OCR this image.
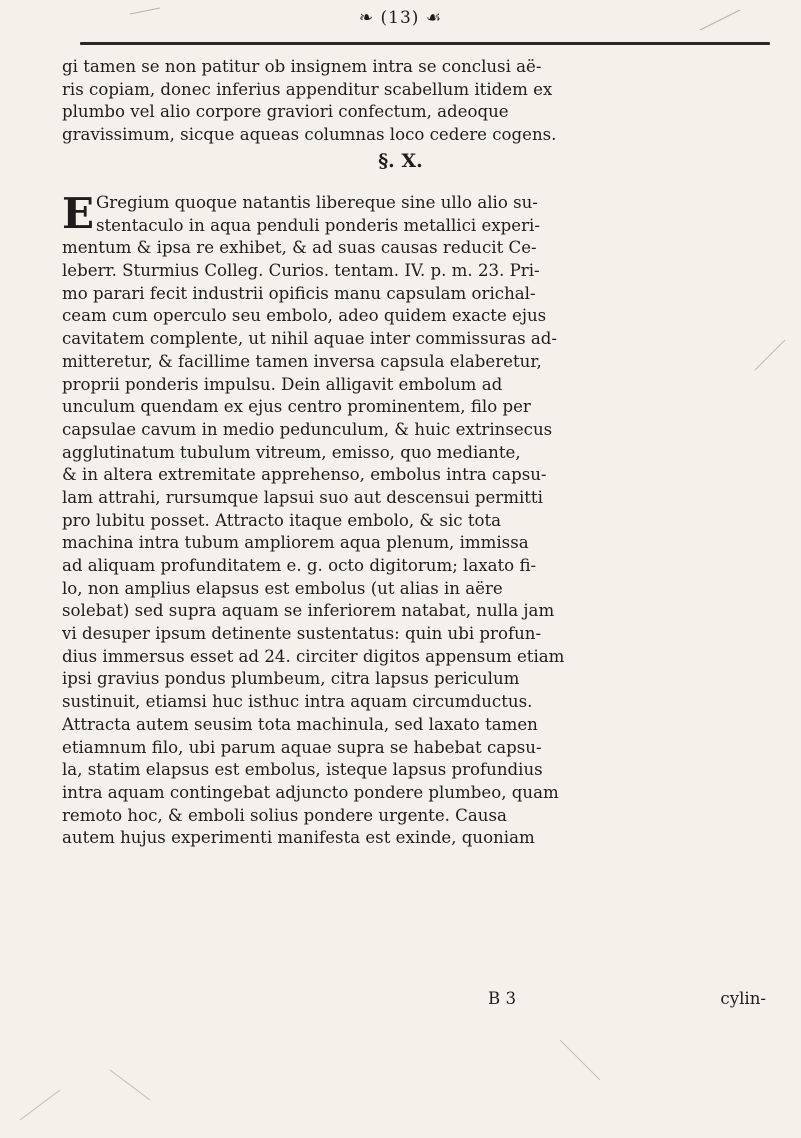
❧ (13) ☙
gi tamen se non patitur ob insignem intra se conclusi aë-
ris copiam, donec inferius appenditur scabellum itidem ex
plumbo vel alio corpore graviori confectum, adeoque
gravissimum, sicque aqueas columnas loco cedere cogens.
§. X.
E Gregium quoque natantis libereque sine ullo alio su-
stentaculo in aqua penduli ponderis metallici experi-
mentum & ipsa re exhibet, & ad suas causas reducit Ce-
leberr. Sturmius Colleg. Curios. tentam. IV. p. m. 23. Pri-
mo parari fecit industrii opificis manu capsulam orichal-
ceam cum operculo seu embolo, adeo quidem exacte ejus
cavitatem complente, ut nihil aquae inter commissuras ad-
mitteretur, & facillime tamen inversa capsula elaberetur,
proprii ponderis impulsu. Dein alligavit embolum ad
unculum quendam ex ejus centro prominentem, filo per
capsulae cavum in medio pedunculum, & huic extrinsecus
agglutinatum tubulum vitreum, emisso, quo mediante,
& in altera extremitate apprehenso, embolus intra capsu-
lam attrahi, rursumque lapsui suo aut descensui permitti
pro lubitu posset. Attracto itaque embolo, & sic tota
machina intra tubum ampliorem aqua plenum, immissa
ad aliquam profunditatem e. g. octo digitorum; laxato fi-
lo, non amplius elapsus est embolus (ut alias in aëre
solebat) sed supra aquam se inferiorem natabat, nulla jam
vi desuper ipsum detinente sustentatus: quin ubi profun-
dius immersus esset ad 24. circiter digitos appensum etiam
ipsi gravius pondus plumbeum, citra lapsus periculum
sustinuit, etiamsi huc isthuc intra aquam circumductus.
Attracta autem seusim tota machinula, sed laxato tamen
etiamnum filo, ubi parum aquae supra se habebat capsu-
la, statim elapsus est embolus, isteque lapsus profundius
intra aquam contingebat adjuncto pondere plumbeo, quam
remoto hoc, & emboli solius pondere urgente. Causa
autem hujus experimenti manifesta est exinde, quoniam
B 3	cylin-
